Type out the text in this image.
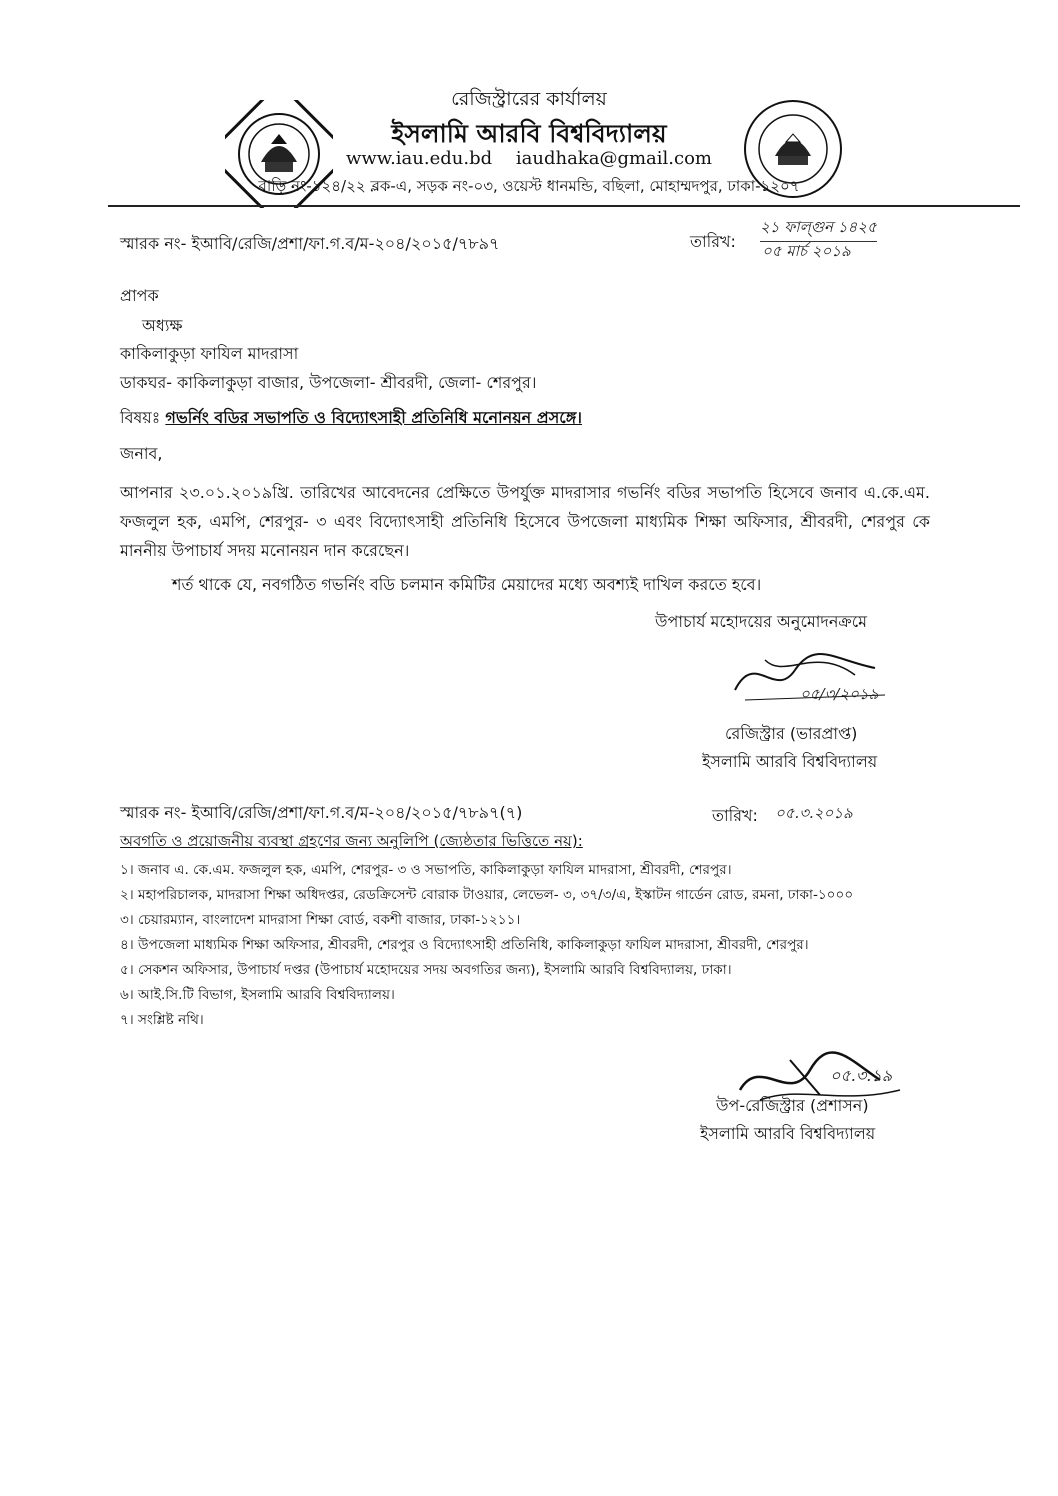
রেজিস্ট্রারের কার্যালয়
ইসলামি আরবি বিশ্ববিদ্যালয়
www.iau.edu.bd iaudhaka@gmail.com
বাড়ি নং-১২৪/২২ ব্লক-এ, সড়ক নং-০৩, ওয়েস্ট ধানমন্ডি, বছিলা, মোহাম্মদপুর, ঢাকা-১২০৭
স্মারক নং- ইআবি/রেজি/প্রশা/ফা.গ.ব/ম-২০৪/২০১৫/৭৮৯৭	তারিখ:
২১ ফাল্গুন ১৪২৫
০৫ মার্চ ২০১৯
প্রাপক
অধ্যক্ষ
কাকিলাকুড়া ফাযিল মাদরাসা
ডাকঘর- কাকিলাকুড়া বাজার, উপজেলা- শ্রীবরদী, জেলা- শেরপুর।
বিষয়ঃ গভর্নিং বডির সভাপতি ও বিদ্যোৎসাহী প্রতিনিধি মনোনয়ন প্রসঙ্গে।
জনাব,
আপনার ২৩.০১.২০১৯খ্রি. তারিখের আবেদনের প্রেক্ষিতে উপর্যুক্ত মাদরাসার গভর্নিং বডির সভাপতি হিসেবে জনাব এ.কে.এম. ফজলুল হক, এমপি, শেরপুর- ৩ এবং বিদ্যোৎসাহী প্রতিনিধি হিসেবে উপজেলা মাধ্যমিক শিক্ষা অফিসার, শ্রীবরদী, শেরপুর কে মাননীয় উপাচার্য সদয় মনোনয়ন দান করেছেন।
শর্ত থাকে যে, নবগঠিত গভর্নিং বডি চলমান কমিটির মেয়াদের মধ্যে অবশ্যই দাখিল করতে হবে।
উপাচার্য মহোদয়ের অনুমোদনক্রমে
০৫/৩/২০১৯
রেজিস্ট্রার (ভারপ্রাপ্ত)
ইসলামি আরবি বিশ্ববিদ্যালয়
স্মারক নং- ইআবি/রেজি/প্রশা/ফা.গ.ব/ম-২০৪/২০১৫/৭৮৯৭(৭)	তারিখ: ০৫.৩.২০১৯
অবগতি ও প্রয়োজনীয় ব্যবস্থা গ্রহণের জন্য অনুলিপি (জ্যেষ্ঠতার ভিত্তিতে নয়):
১। জনাব এ. কে.এম. ফজলুল হক, এমপি, শেরপুর- ৩ ও সভাপতি, কাকিলাকুড়া ফাযিল মাদরাসা, শ্রীবরদী, শেরপুর।
২। মহাপরিচালক, মাদরাসা শিক্ষা অধিদপ্তর, রেডক্রিসেন্ট বোরাক টাওয়ার, লেভেল- ৩, ৩৭/৩/এ, ইস্কাটন গার্ডেন রোড, রমনা, ঢাকা-১০০০
৩। চেয়ারম্যান, বাংলাদেশ মাদরাসা শিক্ষা বোর্ড, বকশী বাজার, ঢাকা-১২১১।
৪। উপজেলা মাধ্যমিক শিক্ষা অফিসার, শ্রীবরদী, শেরপুর ও বিদ্যোৎসাহী প্রতিনিধি, কাকিলাকুড়া ফাযিল মাদরাসা, শ্রীবরদী, শেরপুর।
৫। সেকশন অফিসার, উপাচার্য দপ্তর (উপাচার্য মহোদয়ের সদয় অবগতির জন্য), ইসলামি আরবি বিশ্ববিদ্যালয়, ঢাকা।
৬। আই.সি.টি বিভাগ, ইসলামি আরবি বিশ্ববিদ্যালয়।
৭। সংশ্লিষ্ট নথি।
০৫.৩.১৯
উপ-রেজিস্ট্রার (প্রশাসন)
ইসলামি আরবি বিশ্ববিদ্যালয়
